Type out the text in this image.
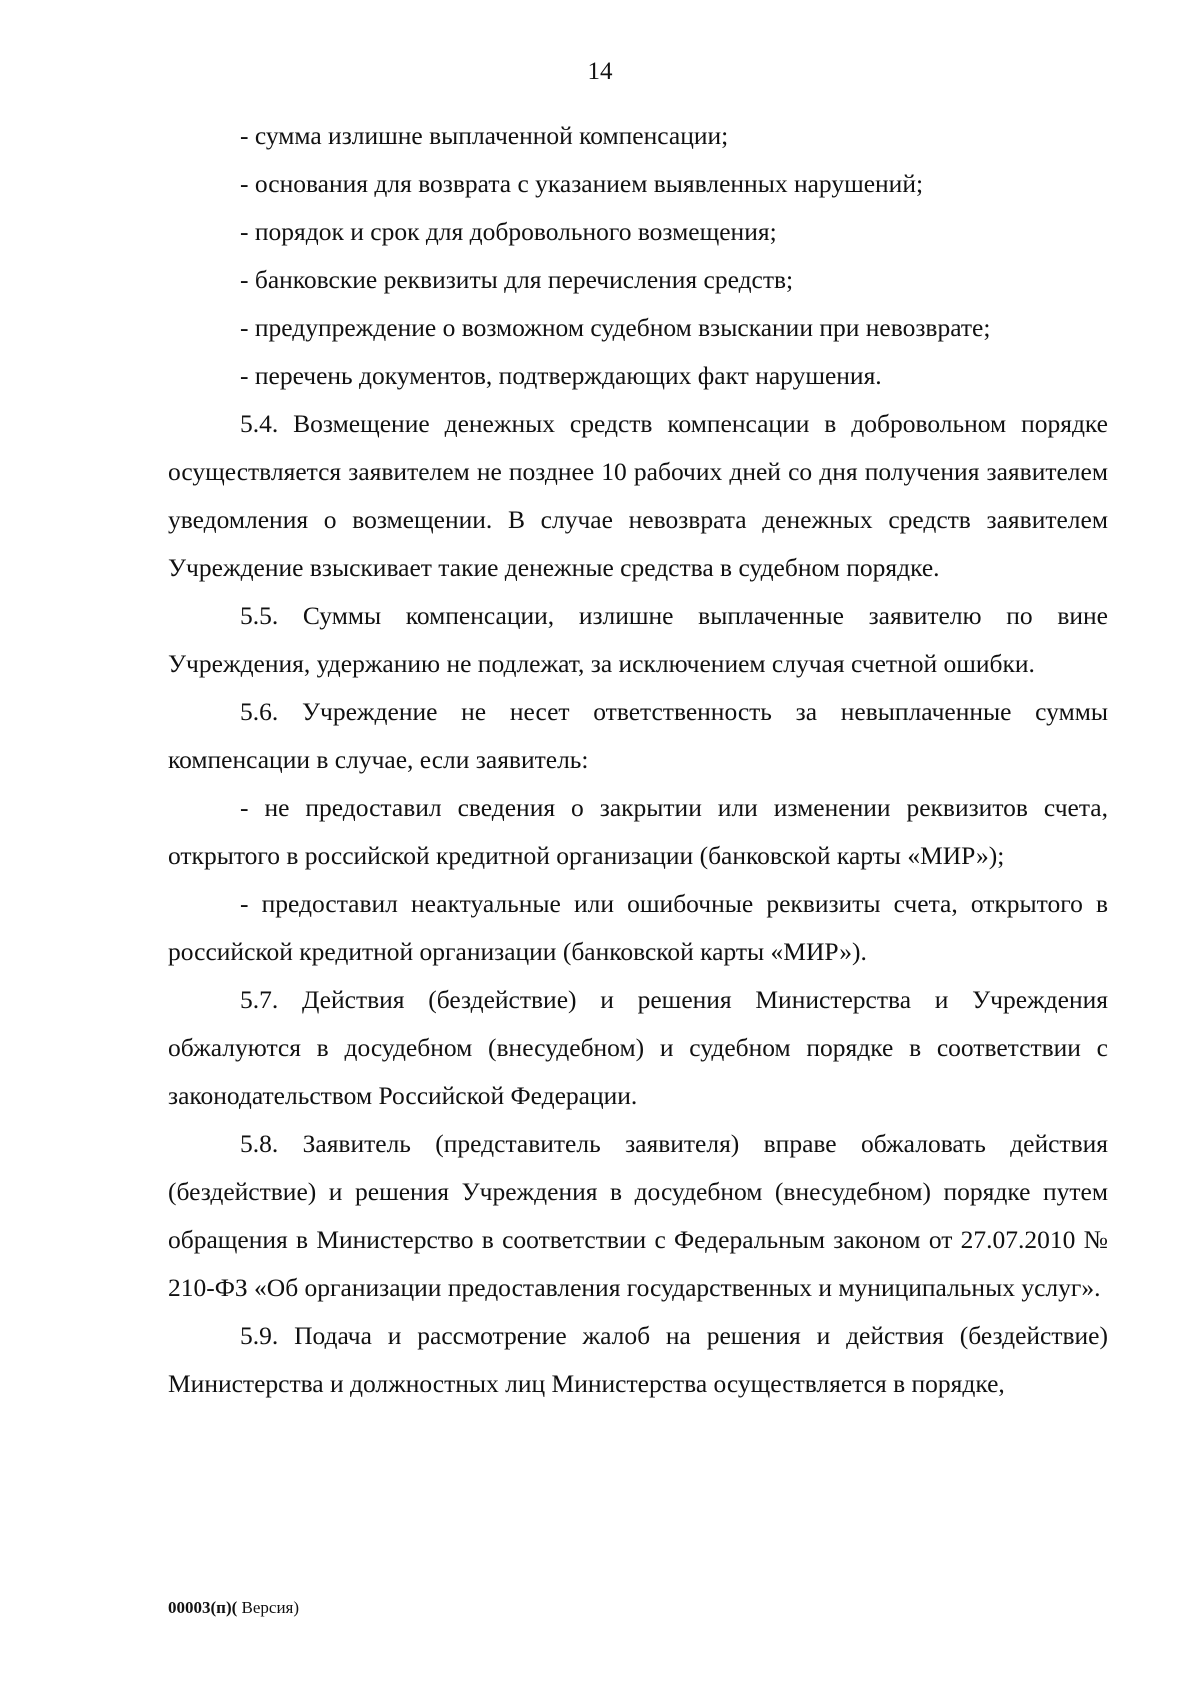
14

- сумма излишне выплаченной компенсации;

- основания для возврата с указанием выявленных нарушений;

- порядок и срок для добровольного возмещения;

- банковские реквизиты для перечисления средств;

- предупреждение о возможном судебном взыскании при невозврате;

- перечень документов, подтверждающих факт нарушения.

5.4. Возмещение денежных средств компенсации в добровольном порядке осуществляется заявителем не позднее 10 рабочих дней со дня получения заявителем уведомления о возмещении. В случае невозврата денежных средств заявителем Учреждение взыскивает такие денежные средства в судебном порядке.

5.5. Суммы компенсации, излишне выплаченные заявителю по вине Учреждения, удержанию не подлежат, за исключением случая счетной ошибки.

5.6. Учреждение не несет ответственность за невыплаченные суммы компенсации в случае, если заявитель:

- не предоставил сведения о закрытии или изменении реквизитов счета, открытого в российской кредитной организации (банковской карты «МИР»);

- предоставил неактуальные или ошибочные реквизиты счета, открытого в российской кредитной организации (банковской карты «МИР»).

5.7. Действия (бездействие) и решения Министерства и Учреждения обжалуются в досудебном (внесудебном) и судебном порядке в соответствии с законодательством Российской Федерации.

5.8. Заявитель (представитель заявителя) вправе обжаловать действия (бездействие) и решения Учреждения в досудебном (внесудебном) порядке путем обращения в Министерство в соответствии с Федеральным законом от 27.07.2010 № 210-ФЗ «Об организации предоставления государственных и муниципальных услуг».

5.9. Подача и рассмотрение жалоб на решения и действия (бездействие) Министерства и должностных лиц Министерства осуществляется в порядке,

00003(п)( Версия)
